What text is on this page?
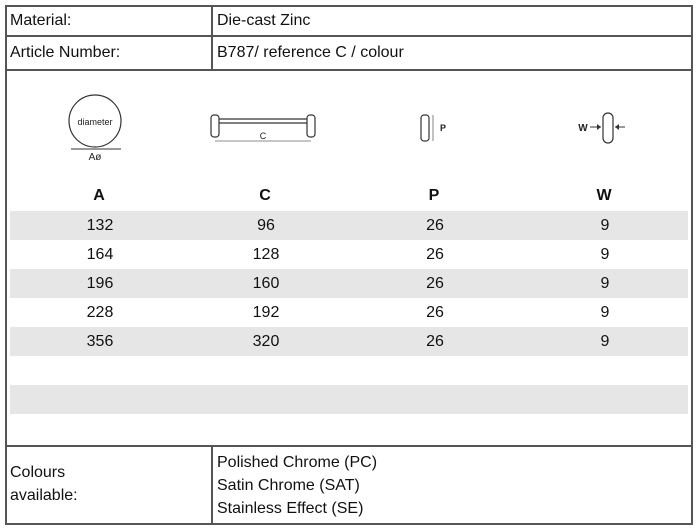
Material:	Die-cast Zinc
Article Number:	B787/ reference C / colour
diameter
Aø
C
P	W
A	C	P	W
132	96	26	9
164	128	26	9
196	160	26	9
228	192	26	9
356	320	26	9
Colours
available:
Polished Chrome (PC)
Satin Chrome (SAT)
Stainless Effect (SE)
